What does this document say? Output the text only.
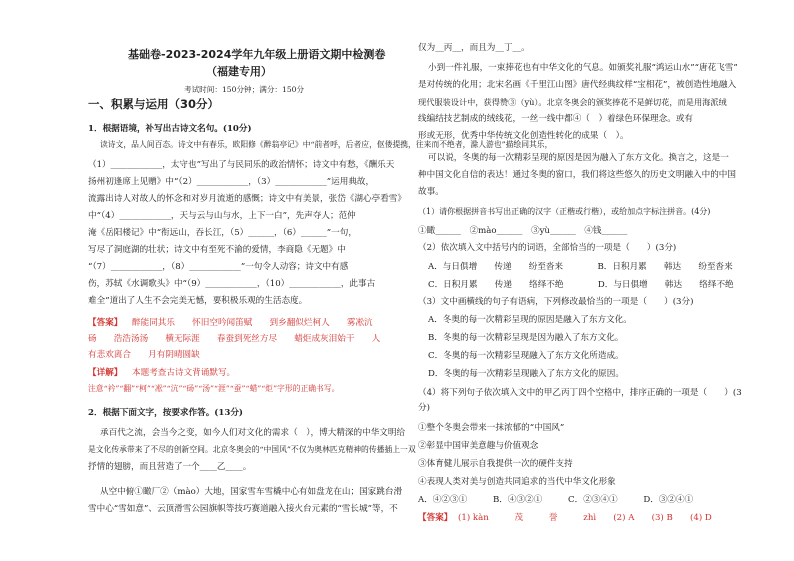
基础卷-2023-2024学年九年级上册语文期中检测卷
（福建专用）
考试时间：150分钟；满分：150分
一、积累与运用（30分）
1．根据语境，补写出古诗文名句。(10分)
读诗文，品人间百态。诗文中有春乐，欧阳修《醉翁亭记》中“前者呼，后者应，伛偻提携，往来而不绝者，滁人游也”描绘同其乐，
（1）____________，太守也”写出了与民同乐的政治情怀；诗文中有愁，《酬乐天
扬州初逢席上见赠》中“（2）____________，（3）____________”运用典故，
流露出诗人对故人的怀念和对岁月流逝的感慨；诗文中有美景，张岱《湖心亭看雪》
中“（4）____________，天与云与山与水，上下一白”，先声夺人；范仲
淹《岳阳楼记》中“衔远山，吞长江，（5）______，（6）______”一句，
写尽了洞庭湖的壮状；诗文中有至死不渝的爱情，李商隐《无题》中
“（7）____________，（8）____________”一句令人动容；诗文中有感
伤，苏轼《水调歌头》中“（9）____________，（10）____________，此事古
难全”道出了人生不会完美无憾，要积极乐观的生活态度。
【答案】 醉能同其乐　　怀旧空吟闻笛赋　　到乡翻似烂柯人　　雾凇沆
砀　　浩浩汤汤　　横无际涯　　春蚕到死丝方尽　　蜡炬成灰泪始干　　人
有悲欢离合　　月有阴晴圆缺
【详解】 本题考查古诗文背诵默写。
注意“衿”“翻”“柯”“凇”“沆”“砀”“汤”“涯”“蚕”“蜡”“炬”字形的正确书写。
2．根据下面文字，按要求作答。(13分)
承百代之流，会当今之变，如今人们对文化的需求（　），博大精深的中华文明给
是文化传承带来了不尽的创新空间。北京冬奥会的“中国风”不仅为奥林匹克精神的传播插上一双
抒情的翅膀，而且营造了一个____乙____。
从空中俯①瞰厂②（mào）大地，国家雪车雪橇中心有如盘龙在山；国家跳台滑
雪中心“雪如意”、云顶滑雪公园旗帜等技巧赛道融入接火台元素的“雪长城”等，不
仅为__丙__，而且为__丁__。
小到一件礼服，一束捧花也有中华文化的气息。如颁奖礼服“鸿运山水”“唐花飞雪”
是对传统的化用；北宋名画《千里江山图》唐代经典纹样“宝相花”，被创造性地融入
现代服装设计中，获得赞③（yù）。北京冬奥会的颁奖捧花不是鲜切花，而是用海派绒
线编结技艺制成的绒线花，一丝一线中都④（　）着绿色环保理念。或有
形或无形，优秀中华传统文化创造性转化的成果（　）。
可以说，冬奥的每一次精彩呈现的原因是因为融入了东方文化。换言之，这是一
种中国文化自信的表达！通过冬奥的窗口，我们将这些悠久的历史文明融入中的中国
故事。
（1）请你根据拼音书写出正确的汉字（正楷或行楷），或给加点字标注拼音。(4分)
①瞰______　②mào______　③yù______　④钱______
（2）依次填入文中括号内的词语，全部恰当的一项是（　　）(3分)
A．与日俱增　　传递　　纷至沓来　　　　B．日积月累　　韩达　　纷至沓来
C．日积月累　　传递　　络绎不绝　　　　D．与日俱增　　韩达　　络绎不绝
（3）文中画横线的句子有语病，下列修改最恰当的一项是（　　）(3分)
A．冬奥的每一次精彩呈现的原因是融入了东方文化。
B．冬奥的每一次精彩呈现是因为融入了东方文化。
C．冬奥的每一次精彩呈现融入了东方文化所造成。
D．冬奥的每一次精彩呈现融入了东方文化的原因。
（4）将下列句子依次填入文中的甲乙丙丁四个空格中，排序正确的一项是（　　）(3
分)
①整个冬奥会带来一抹浓郁的“中国风”
②彰显中国审美意趣与价值观念
③体育健儿展示自我提供一次的硬件支持
④表现人类对美与创造共同追求的当代中华文化形象
A．④②③①　　　B．④③②①　　　C．②③④①　　　D．③②④①
【答案】 (1) kàn　　　茂　　　誉　　　zhì　　(2) A　　(3) B　　(4) D
